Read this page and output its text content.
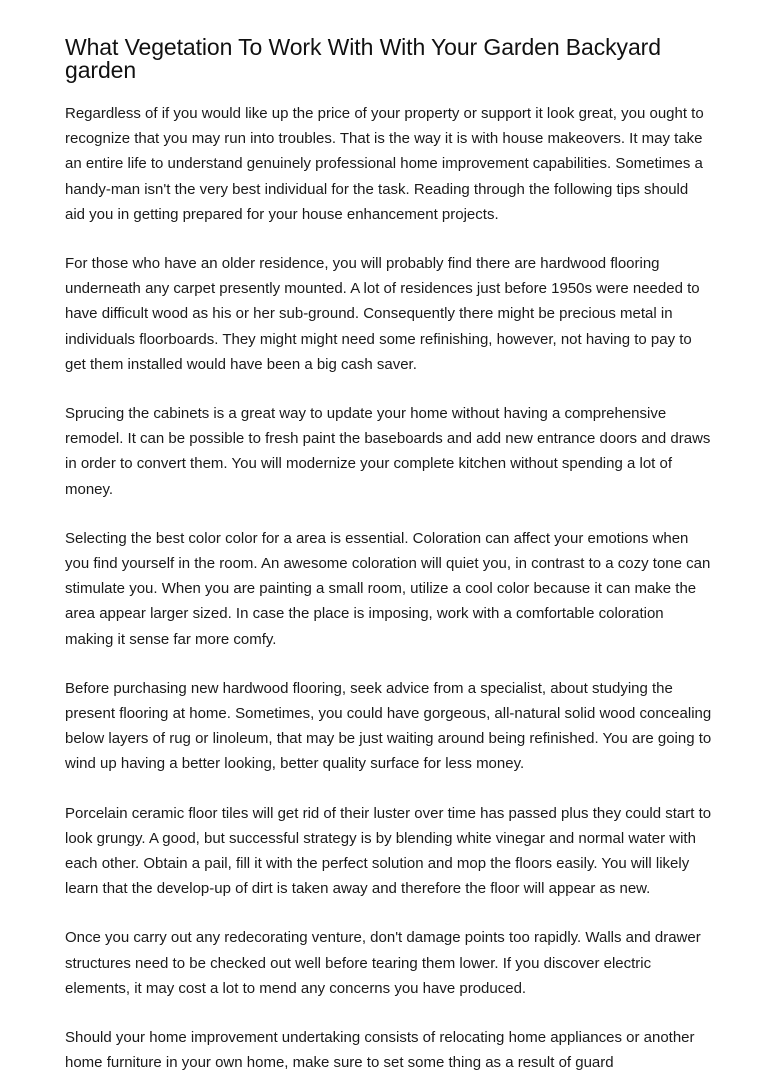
What Vegetation To Work With With Your Garden Backyard garden

Regardless of if you would like up the price of your property or support it look great, you ought to recognize that you may run into troubles. That is the way it is with house makeovers. It may take an entire life to understand genuinely professional home improvement capabilities. Sometimes a handy-man isn't the very best individual for the task. Reading through the following tips should aid you in getting prepared for your house enhancement projects.

For those who have an older residence, you will probably find there are hardwood flooring underneath any carpet presently mounted. A lot of residences just before 1950s were needed to have difficult wood as his or her sub-ground. Consequently there might be precious metal in individuals floorboards. They might might need some refinishing, however, not having to pay to get them installed would have been a big cash saver.

Sprucing the cabinets is a great way to update your home without having a comprehensive remodel. It can be possible to fresh paint the baseboards and add new entrance doors and draws in order to convert them. You will modernize your complete kitchen without spending a lot of money.

Selecting the best color color for a area is essential. Coloration can affect your emotions when you find yourself in the room. An awesome coloration will quiet you, in contrast to a cozy tone can stimulate you. When you are painting a small room, utilize a cool color because it can make the area appear larger sized. In case the place is imposing, work with a comfortable coloration making it sense far more comfy.

Before purchasing new hardwood flooring, seek advice from a specialist, about studying the present flooring at home. Sometimes, you could have gorgeous, all-natural solid wood concealing below layers of rug or linoleum, that may be just waiting around being refinished. You are going to wind up having a better looking, better quality surface for less money.

Porcelain ceramic floor tiles will get rid of their luster over time has passed plus they could start to look grungy. A good, but successful strategy is by blending white vinegar and normal water with each other. Obtain a pail, fill it with the perfect solution and mop the floors easily. You will likely learn that the develop-up of dirt is taken away and therefore the floor will appear as new.

Once you carry out any redecorating venture, don't damage points too rapidly. Walls and drawer structures need to be checked out well before tearing them lower. If you discover electric elements, it may cost a lot to mend any concerns you have produced.

Should your home improvement undertaking consists of relocating home appliances or another home furniture in your own home, make sure to set some thing as a result of guard
